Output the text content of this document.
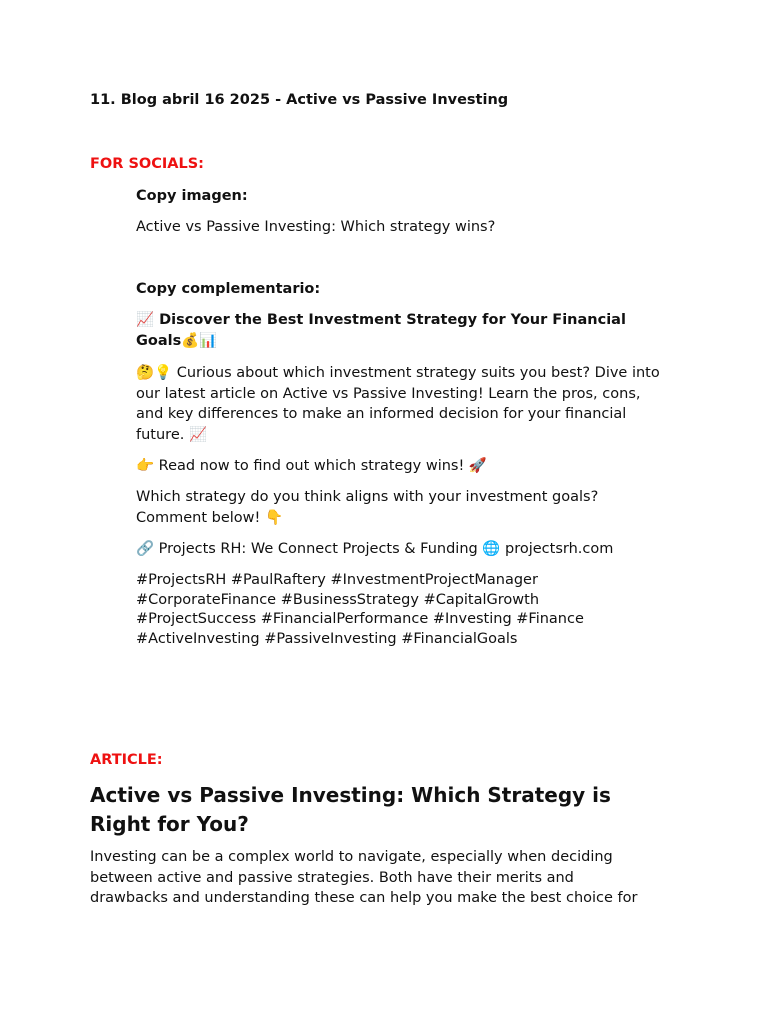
11. Blog abril 16 2025 - Active vs Passive Investing
FOR SOCIALS:
Copy imagen:
Active vs Passive Investing: Which strategy wins?
Copy complementario:
📈 Discover the Best Investment Strategy for Your Financial
Goals💰📊
🤔💡 Curious about which investment strategy suits you best? Dive into
our latest article on Active vs Passive Investing! Learn the pros, cons,
and key differences to make an informed decision for your financial
future. 📈
👉 Read now to find out which strategy wins! 🚀
Which strategy do you think aligns with your investment goals?
Comment below! 👇
🔗 Projects RH: We Connect Projects & Funding 🌐 projectsrh.com
#ProjectsRH #PaulRaftery #InvestmentProjectManager
#CorporateFinance #BusinessStrategy #CapitalGrowth
#ProjectSuccess #FinancialPerformance #Investing #Finance
#ActiveInvesting #PassiveInvesting #FinancialGoals
ARTICLE:
Active vs Passive Investing: Which Strategy is
Right for You?
Investing can be a complex world to navigate, especially when deciding
between active and passive strategies. Both have their merits and
drawbacks and understanding these can help you make the best choice for
